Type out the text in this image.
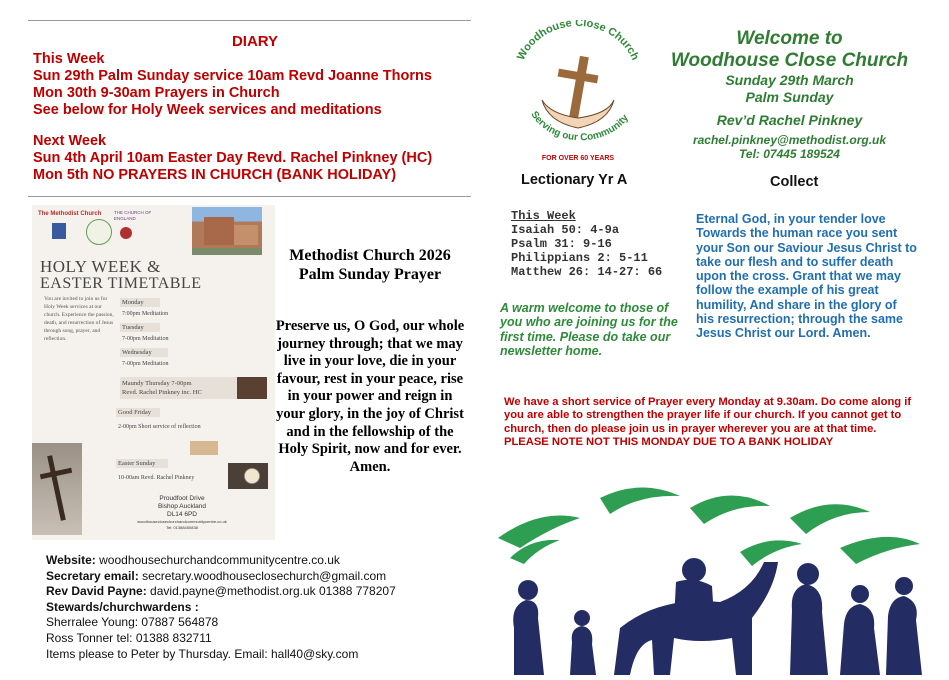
DIARY
This Week
Sun 29th Palm Sunday service 10am Revd Joanne Thorns
Mon 30th 9-30am Prayers in Church
See below for Holy Week services and meditations
Next Week
Sun 4th April 10am Easter Day Revd. Rachel Pinkney (HC)
Mon 5th NO PRAYERS IN CHURCH (BANK HOLIDAY)
The Methodist Church	THE CHURCH OF ENGLAND
HOLY WEEK &
EASTER TIMETABLE
You are invited to join us for Holy Week services at our church. Experience the passion, death, and resurrection of Jesus through song, prayer, and reflection.
Monday
7:00pm Meditation
Tuesday
7-00pm Meditation
Wednesday
7-00pm Meditation
Maundy Thursday 7-00pm
Revd. Rachel Pinkney inc. HC
Good Friday
2-00pm Short service of reflection
Easter Sunday
10-00am Revd. Rachel Pinkney
Proudfoot Drive
Bishop Auckland
DL14 6PD
woodhouseclosechurchandcommunitycentre.co.uk
Tel: 01388450838
Methodist Church 2026 Palm Sunday Prayer
Preserve us, O God, our whole journey through; that we may live in your love, die in your favour, rest in your peace, rise in your power and reign in your glory, in the joy of Christ and in the fellowship of the Holy Spirit, now and for ever. Amen.
Website: woodhousechurchandcommunitycentre.co.uk
Secretary email: secretary.woodhouseclosechurch@gmail.com
Rev David Payne: david.payne@methodist.org.uk 01388 778207
Stewards/churchwardens :
Sherralee Young: 07887 564878
Ross Tonner tel: 01388 832711
Items please to Peter by Thursday. Email: hall40@sky.com
Woodhouse Close Church
Serving our Community
FOR OVER 60 YEARS
Welcome to
Woodhouse Close Church
Sunday 29th March
Palm Sunday
Rev’d Rachel Pinkney
rachel.pinkney@methodist.org.uk
Tel: 07445 189524
Lectionary Yr A	Collect
This Week
Isaiah 50: 4-9a
Psalm 31: 9-16
Philippians 2: 5-11
Matthew 26: 14-27: 66
A warm welcome to those of you who are joining us for the first time. Please do take our newsletter home.
Eternal God, in your tender love Towards the human race you sent your Son our Saviour Jesus Christ to take our flesh and to suffer death upon the cross. Grant that we may follow the example of his great humility, And share in the glory of his resurrection; through the same Jesus Christ our Lord. Amen.
We have a short service of Prayer every Monday at 9.30am. Do come along if you are able to strengthen the prayer life if our church. If you cannot get to church, then do please join us in prayer wherever you are at that time.
PLEASE NOTE NOT THIS MONDAY DUE TO A BANK HOLIDAY
